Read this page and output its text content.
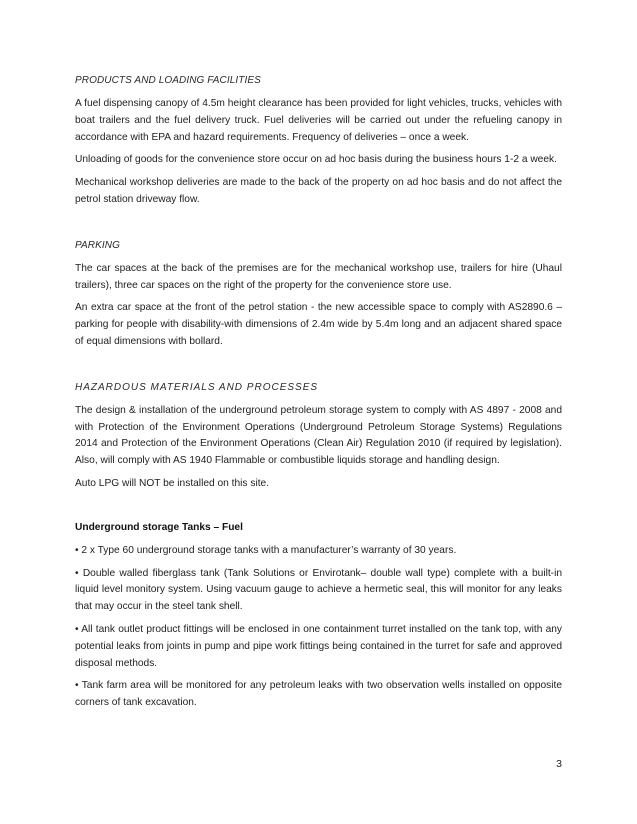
PRODUCTS AND LOADING FACILITIES

A fuel dispensing canopy of 4.5m height clearance has been provided for light vehicles, trucks, vehicles with boat trailers and the fuel delivery truck. Fuel deliveries will be carried out under the refueling canopy in accordance with EPA and hazard requirements. Frequency of deliveries – once a week.

Unloading of goods for the convenience store occur on ad hoc basis during the business hours 1-2 a week.

Mechanical workshop deliveries are made to the back of the property on ad hoc basis and do not affect the petrol station driveway flow.

PARKING

The car spaces at the back of the premises are for the mechanical workshop use, trailers for hire (Uhaul trailers), three car spaces on the right of the property for the convenience store use.

An extra car space at the front of the petrol station - the new accessible space to comply with AS2890.6 – parking for people with disability-with dimensions of 2.4m wide by 5.4m long and an adjacent shared space of equal dimensions with bollard.

HAZARDOUS MATERIALS AND PROCESSES

The design & installation of the underground petroleum storage system to comply with AS 4897 - 2008 and with Protection of the Environment Operations (Underground Petroleum Storage Systems) Regulations 2014 and Protection of the Environment Operations (Clean Air) Regulation 2010 (if required by legislation). Also, will comply with AS 1940 Flammable or combustible liquids storage and handling design.

Auto LPG will NOT be installed on this site.

Underground storage Tanks – Fuel

• 2 x Type 60 underground storage tanks with a manufacturer’s warranty of 30 years.

• Double walled fiberglass tank (Tank Solutions or Envirotank– double wall type) complete with a built-in liquid level monitory system. Using vacuum gauge to achieve a hermetic seal, this will monitor for any leaks that may occur in the steel tank shell.

• All tank outlet product fittings will be enclosed in one containment turret installed on the tank top, with any potential leaks from joints in pump and pipe work fittings being contained in the turret for safe and approved disposal methods.

• Tank farm area will be monitored for any petroleum leaks with two observation wells installed on opposite corners of tank excavation.

3
